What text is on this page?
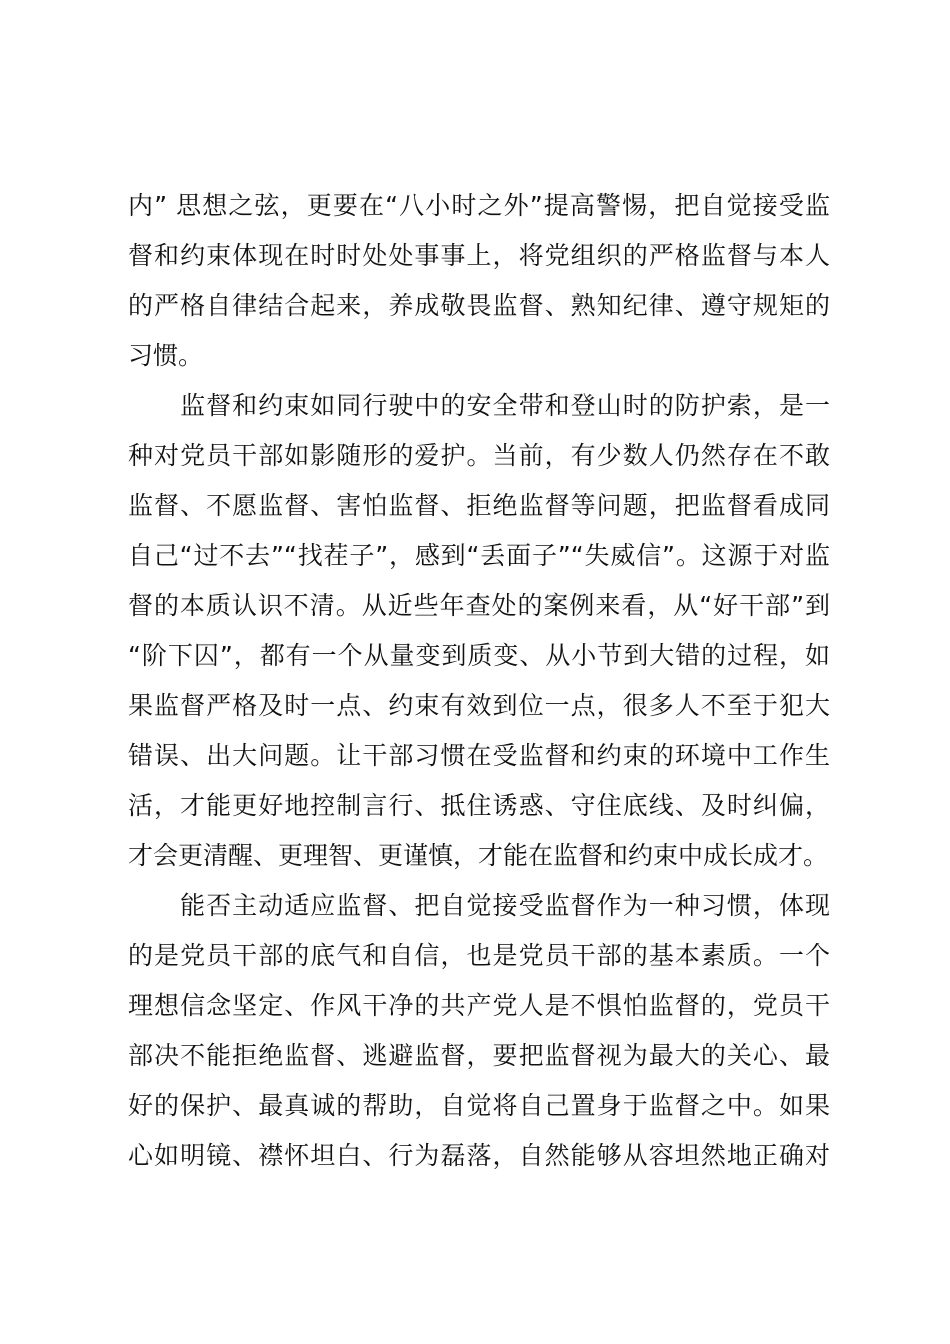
内” 思想之弦，更要在“八小时之外”提高警惕，把自觉接受监
督和约束体现在时时处处事事上，将党组织的严格监督与本人
的严格自律结合起来，养成敬畏监督、熟知纪律、遵守规矩的
习惯。
　　监督和约束如同行驶中的安全带和登山时的防护索，是一
种对党员干部如影随形的爱护。当前，有少数人仍然存在不敢
监督、不愿监督、害怕监督、拒绝监督等问题，把监督看成同
自己“过不去”“找茬子”，感到“丢面子”“失威信”。这源于对监
督的本质认识不清。从近些年查处的案例来看，从“好干部”到
“阶下囚”，都有一个从量变到质变、从小节到大错的过程，如
果监督严格及时一点、约束有效到位一点，很多人不至于犯大
错误、出大问题。让干部习惯在受监督和约束的环境中工作生
活，才能更好地控制言行、抵住诱惑、守住底线、及时纠偏，
才会更清醒、更理智、更谨慎，才能在监督和约束中成长成才。
　　能否主动适应监督、把自觉接受监督作为一种习惯，体现
的是党员干部的底气和自信，也是党员干部的基本素质。一个
理想信念坚定、作风干净的共产党人是不惧怕监督的，党员干
部决不能拒绝监督、逃避监督，要把监督视为最大的关心、最
好的保护、最真诚的帮助，自觉将自己置身于监督之中。如果
心如明镜、襟怀坦白、行为磊落，自然能够从容坦然地正确对
